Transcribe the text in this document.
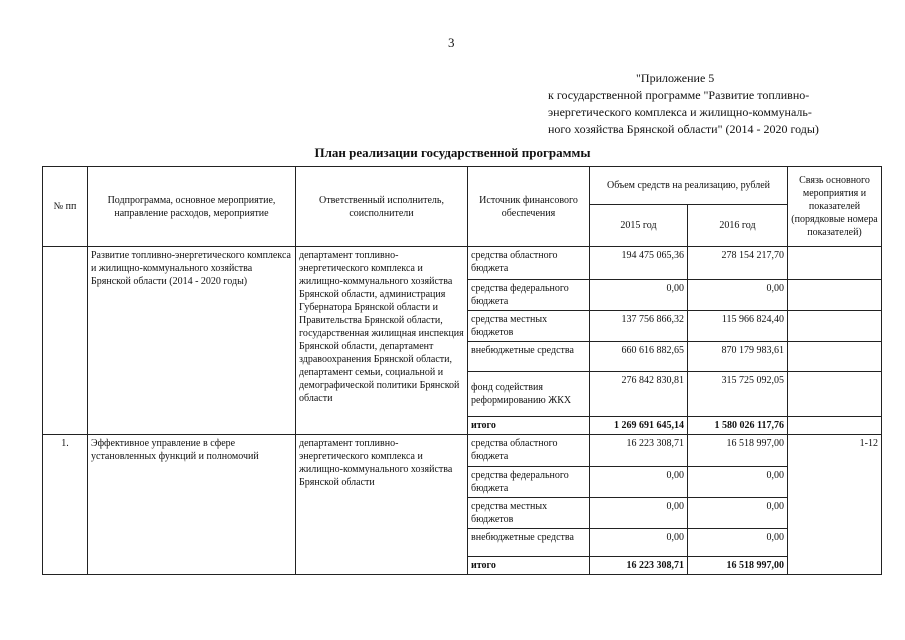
3
"Приложение 5
к государственной программе "Развитие топливно-
энергетического комплекса и жилищно-коммуналь-
ного хозяйства Брянской области" (2014 - 2020 годы)
План реализации государственной программы
№ пп	Подпрограмма, основное мероприятие, направление расходов, мероприятие	Ответственный исполнитель, соисполнители	Источник финансового обеспечения	Объем средств на реализацию, рублей		Связь основного мероприятия и показателей (порядковые номера показателей)
				2015 год	2016 год	
	Развитие топливно-энергетического комплекса и жилищно-коммунального хозяйства Брянской области (2014 - 2020 годы)	департамент топливно-энергетического комплекса и жилищно-коммунального хозяйства Брянской области, администрация Губернатора Брянской области и Правительства Брянской области, государственная жилищная инспекция Брянской области, департамент здравоохранения Брянской области, департамент семьи, социальной и демографической политики Брянской области	средства областного бюджета	194 475 065,36	278 154 217,70	
			средства федерального бюджета	0,00	0,00	
			средства местных бюджетов	137 756 866,32	115 966 824,40	
			внебюджетные средства	660 616 882,65	870 179 983,61	
			фонд содействия реформированию ЖКХ	276 842 830,81	315 725 092,05	
			итого	1 269 691 645,14	1 580 026 117,76	
1.	Эффективное управление в сфере установленных функций и полномочий	департамент топливно-энергетического комплекса и жилищно-коммунального хозяйства Брянской области	средства областного бюджета	16 223 308,71	16 518 997,00	1-12
			средства федерального бюджета	0,00	0,00	
			средства местных бюджетов	0,00	0,00	
			внебюджетные средства	0,00	0,00	
			итого	16 223 308,71	16 518 997,00	
